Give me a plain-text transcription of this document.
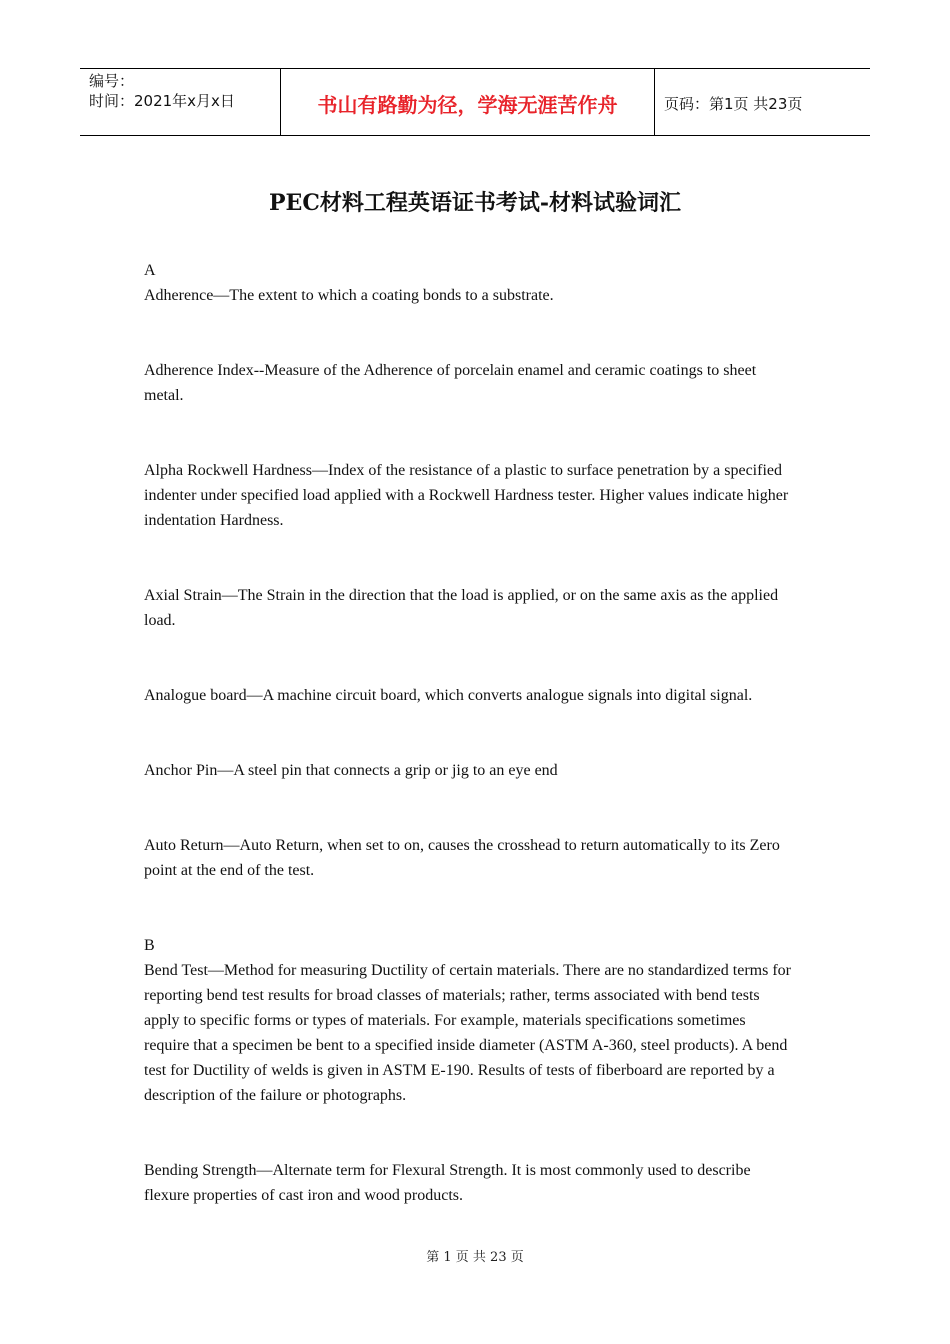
编号：
时间：2021年x月x日	书山有路勤为径，学海无涯苦作舟	页码：第1页 共23页
PEC材料工程英语证书考试-材料试验词汇

A

Adherence—The extent to which a coating bonds to a substrate.

Adherence Index--Measure of the Adherence of porcelain enamel and ceramic coatings to sheet metal.

Alpha Rockwell Hardness—Index of the resistance of a plastic to surface penetration by a specified indenter under specified load applied with a Rockwell Hardness tester. Higher values indicate higher indentation Hardness.

Axial Strain—The Strain in the direction that the load is applied, or on the same axis as the applied load.

Analogue board—A machine circuit board, which converts analogue signals into digital signal.

Anchor Pin—A steel pin that connects a grip or jig to an eye end

Auto Return—Auto Return, when set to on, causes the crosshead to return automatically to its Zero point at the end of the test.

B

Bend Test—Method for measuring Ductility of certain materials. There are no standardized terms for reporting bend test results for broad classes of materials; rather, terms associated with bend tests apply to specific forms or types of materials. For example, materials specifications sometimes require that a specimen be bent to a specified inside diameter (ASTM A-360, steel products). A bend test for Ductility of welds is given in ASTM E-190. Results of tests of fiberboard are reported by a description of the failure or photographs.

Bending Strength—Alternate term for Flexural Strength. It is most commonly used to describe flexure properties of cast iron and wood products.

第 1 页 共 23 页
